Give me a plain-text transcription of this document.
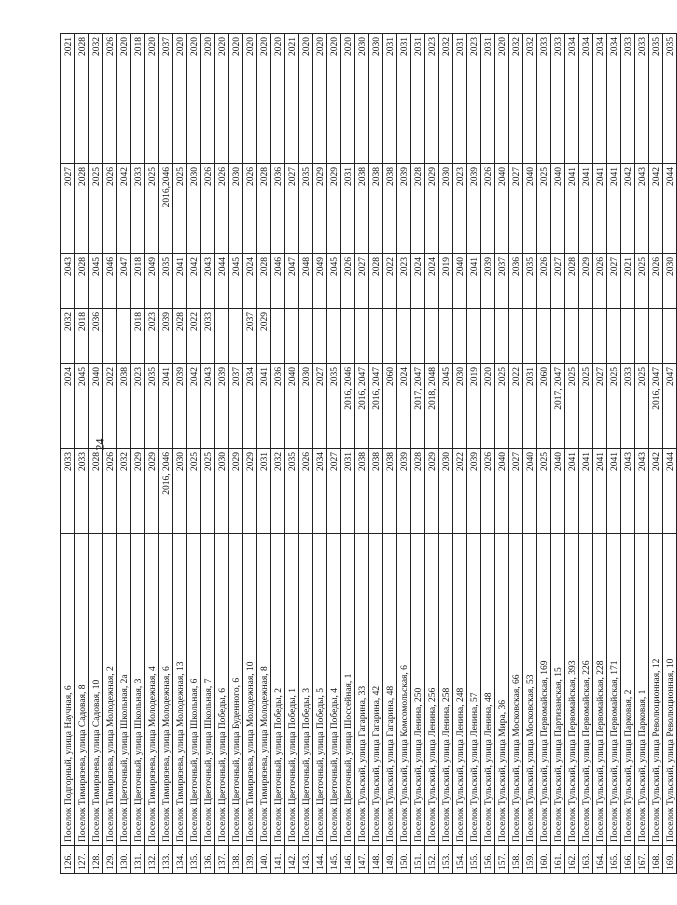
24
126.	Поселок Подгорный, улица Научная, 6	2033	2024	2032	2043	2027	2021
127.	Поселок Тимирязева, улица Садовая, 8	2033	2045	2018	2028	2028	2028
128.	Поселок Тимирязева, улица Садовая, 10	2028	2040	2036	2045	2025	2032
129.	Поселок Тимирязева, улица Молодежная, 2	2026	2022		2046	2026	2026
130.	Поселок Цветочный, улица Школьная, 2а	2032	2038		2047	2042	2020
131.	Поселок Цветочный, улица Школьная, 3	2029	2023	2018	2018	2033	2018
132.	Поселок Тимирязева, улица Молодежная, 4	2029	2035	2023	2049	2025	2020
133.	Поселок Тимирязева, улица Молодежная, 6	2016, 2046	2041	2039	2035	2016,2046	2037
134.	Поселок Тимирязева, улица Молодежная, 13	2030	2039	2028	2041	2025	2020
135.	Поселок Цветочный, улица Школьная, 6	2025	2042	2022	2042	2030	2020
136.	Поселок Цветочный, улица Школьная, 7	2025	2043	2033	2043	2026	2020
137.	Поселок Цветочный, улица Победы, 6	2030	2039		2044	2026	2020
138.	Поселок Цветочный, улица Буденного, 6	2029	2037		2045	2030	2020
139.	Поселок Тимирязева, улица Молодежная, 10	2029	2034	2037	2024	2026	2020
140.	Поселок Тимирязева, улица Молодежная, 8	2031	2041	2029	2028	2028	2020
141.	Поселок Цветочный, улица Победы, 2	2032	2036		2046	2036	2020
142.	Поселок Цветочный, улица Победы, 1	2035	2040		2047	2027	2021
143.	Поселок Цветочный, улица Победы, 3	2026	2030		2048	2035	2020
144.	Поселок Цветочный, улица Победы, 5	2034	2027		2049	2029	2020
145.	Поселок Цветочный, улица Победы, 4	2027	2035		2045	2029	2020
146.	Поселок Цветочный, улица Шоссейная, 1	2031	2016, 2046		2026	2031	2020
147.	Поселок Тульский, улица Гагарина, 33	2038	2016, 2047		2027	2038	2030
148.	Поселок Тульский, улица Гагарина, 42	2038	2016, 2047		2028	2038	2030
149.	Поселок Тульский, улица Гагарина, 48	2038	2060		2022	2038	2031
150.	Поселок Тульский, улица Комсомольская, 6	2039	2024		2023	2039	2031
151.	Поселок Тульский, улица Ленина, 250	2028	2017, 2047		2024	2028	2031
152.	Поселок Тульский, улица Ленина, 256	2029	2018, 2048		2024	2029	2023
153.	Поселок Тульский, улица Ленина, 258	2030	2045		2019	2030	2032
154.	Поселок Тульский, улица Ленина, 248	2022	2030		2040	2023	2031
155.	Поселок Тульский, улица Ленина, 57	2039	2019		2041	2039	2023
156.	Поселок Тульский, улица Ленина, 48	2026	2020		2039	2026	2031
157.	Поселок Тульский, улица Мира, 36	2040	2025		2037	2040	2020
158.	Поселок Тульский, улица Московская, 66	2027	2022		2036	2027	2032
159.	Поселок Тульский, улица Московская, 53	2040	2031		2035	2040	2032
160.	Поселок Тульский, улица Первомайская, 169	2025	2060		2026	2025	2033
161.	Поселок Тульский, улица Партизанская, 15	2040	2017, 2047		2027	2040	2033
162.	Поселок Тульский, улица Первомайская, 393	2041	2025		2028	2041	2034
163.	Поселок Тульский, улица Первомайская, 226	2041	2025		2029	2041	2034
164.	Поселок Тульский, улица Первомайская, 228	2041	2027		2026	2041	2034
165.	Поселок Тульский, улица Первомайская, 171	2041	2025		2027	2041	2034
166.	Поселок Тульский, улица Парковая, 2	2043	2033		2021	2042	2033
167.	Поселок Тульский, улица Парковая, 1	2043	2025		2025	2043	2033
168.	Поселок Тульский, улица Революционная, 12	2042	2016, 2047		2026	2042	2035
169.	Поселок Тульский, улица Революционная, 10	2044	2047		2030	2044	2035
